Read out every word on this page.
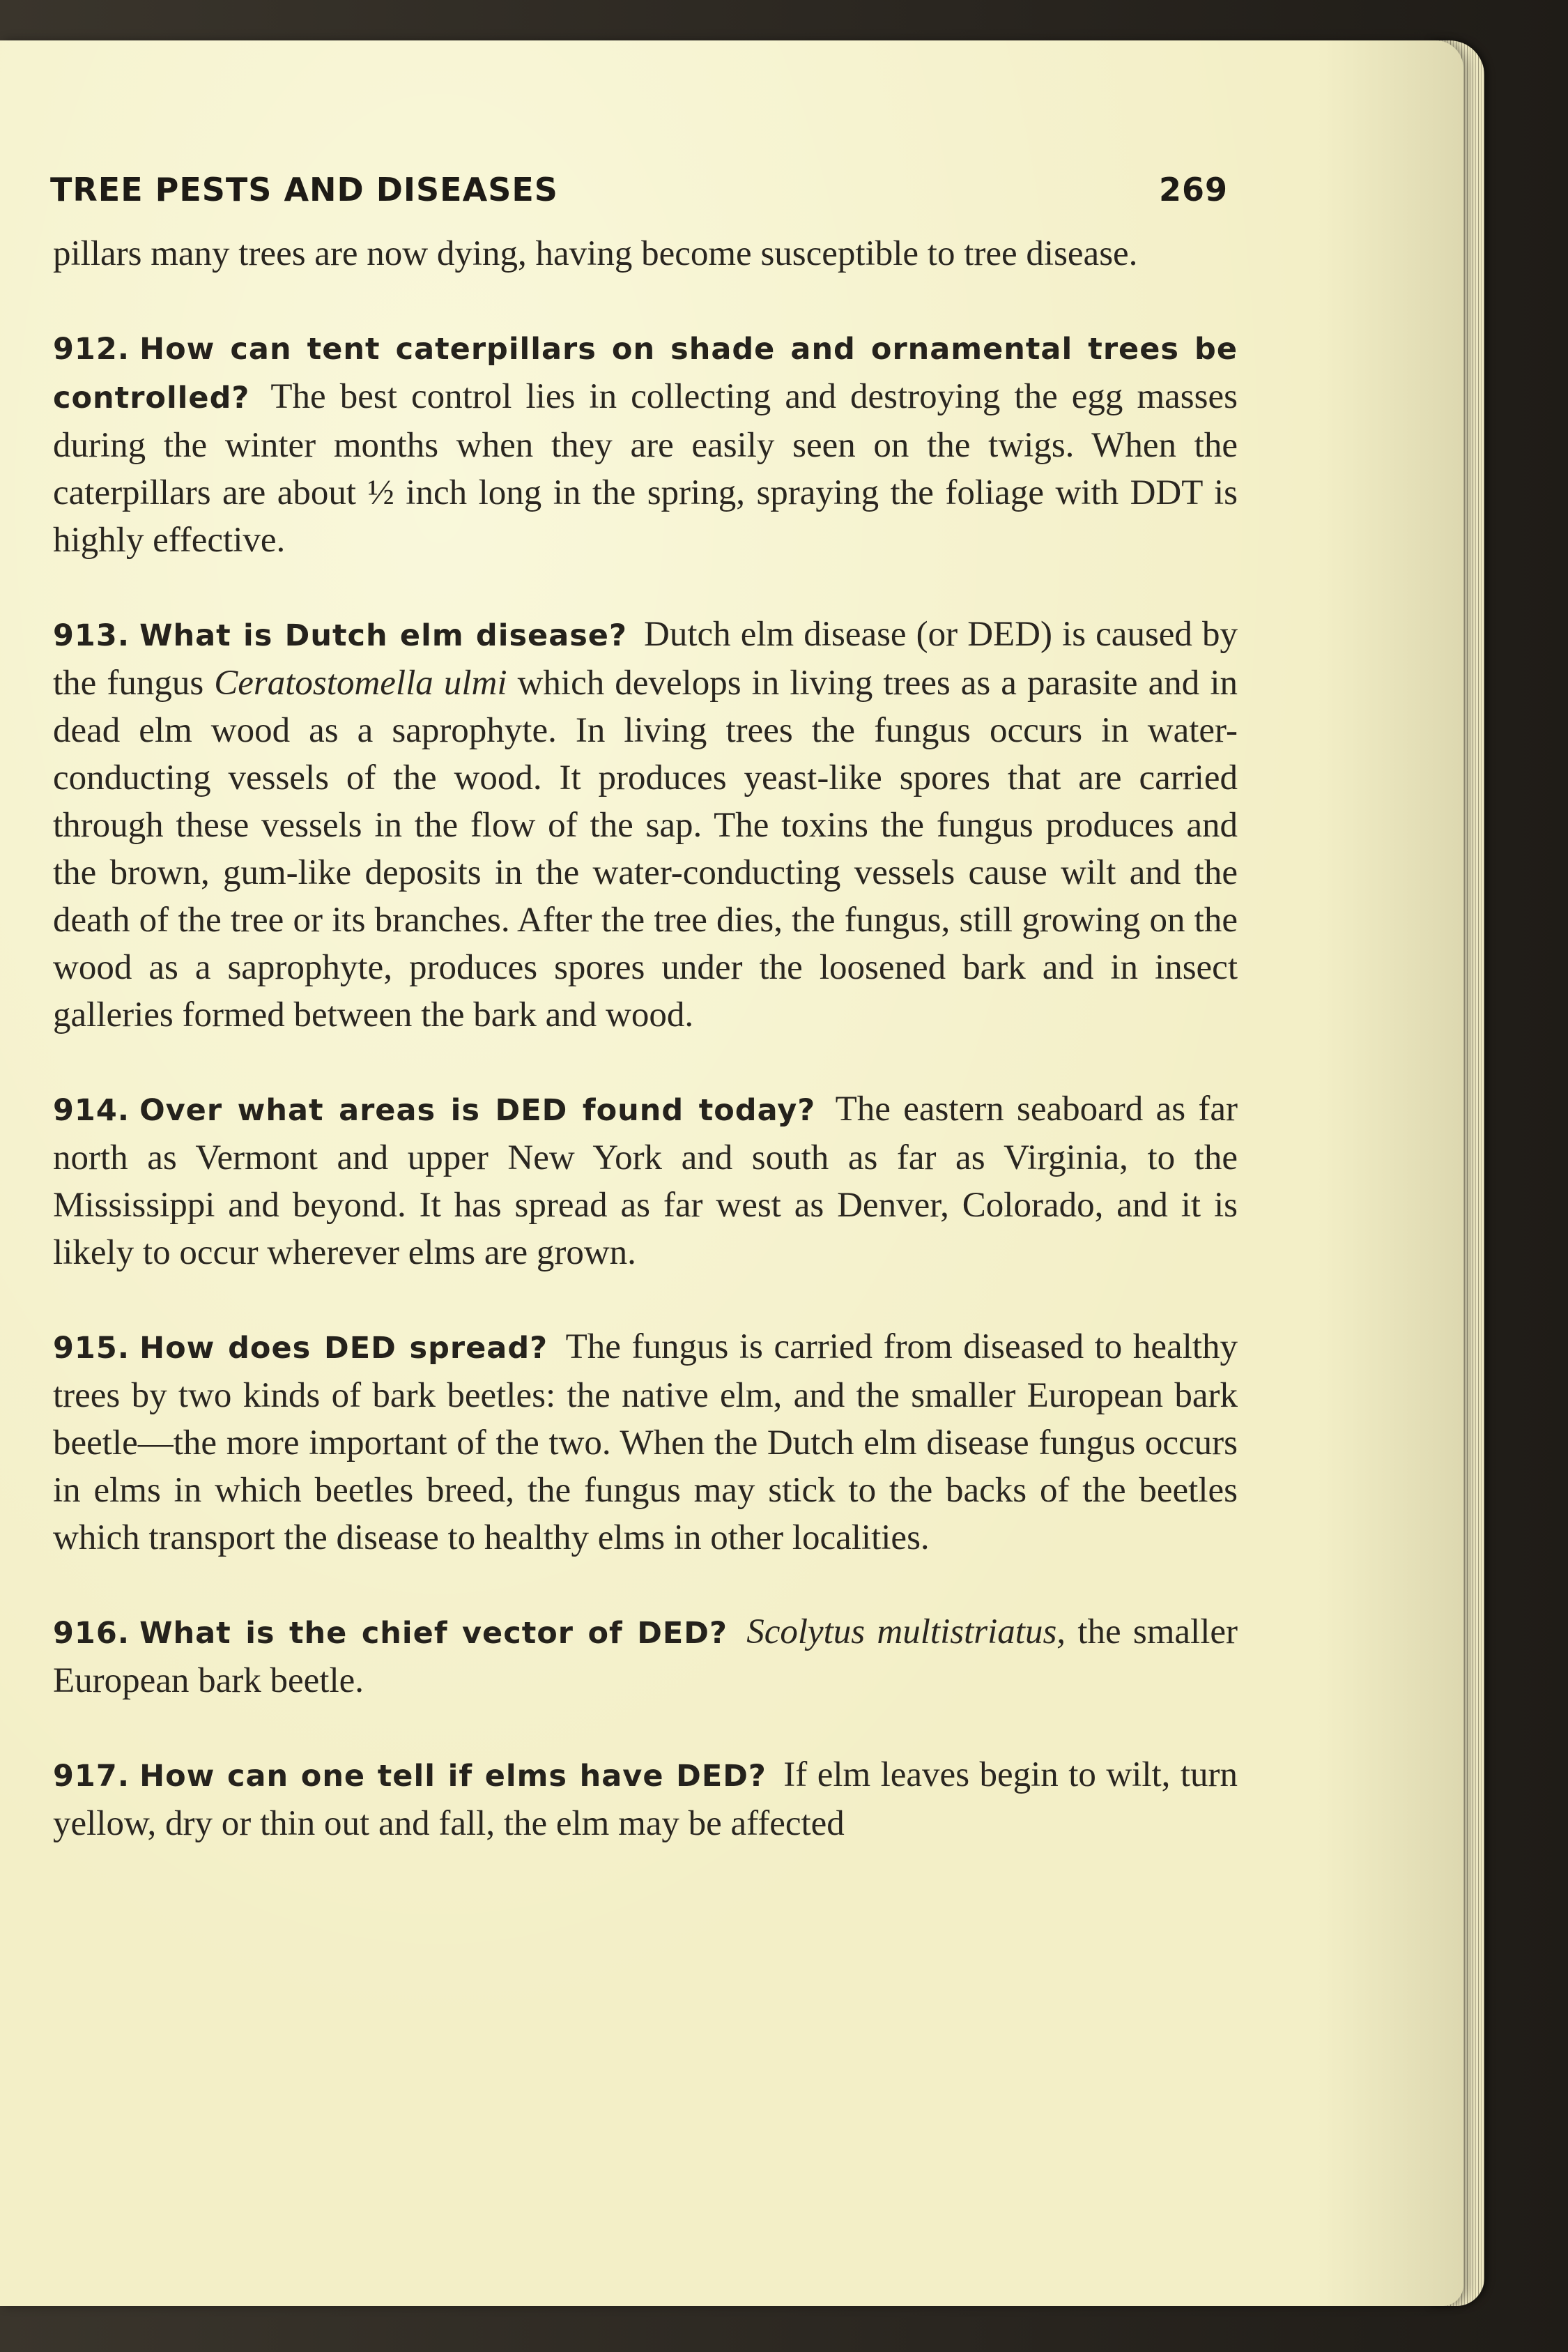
TREE PESTS AND DISEASES	269

pillars many trees are now dying, having become susceptible to tree disease.

912. How can tent caterpillars on shade and ornamental trees be controlled? The best control lies in collecting and destroying the egg masses during the winter months when they are easily seen on the twigs. When the caterpillars are about ½ inch long in the spring, spraying the foliage with DDT is highly effective.

913. What is Dutch elm disease? Dutch elm disease (or DED) is caused by the fungus Ceratostomella ulmi which develops in living trees as a parasite and in dead elm wood as a saprophyte. In living trees the fungus occurs in water-conducting vessels of the wood. It produces yeast-like spores that are carried through these vessels in the flow of the sap. The toxins the fungus produces and the brown, gum-like deposits in the water-conducting vessels cause wilt and the death of the tree or its branches. After the tree dies, the fungus, still growing on the wood as a saprophyte, produces spores under the loosened bark and in insect galleries formed between the bark and wood.

914. Over what areas is DED found today? The eastern seaboard as far north as Vermont and upper New York and south as far as Virginia, to the Mississippi and beyond. It has spread as far west as Denver, Colorado, and it is likely to occur wherever elms are grown.

915. How does DED spread? The fungus is carried from diseased to healthy trees by two kinds of bark beetles: the native elm, and the smaller European bark beetle—the more important of the two. When the Dutch elm disease fungus occurs in elms in which beetles breed, the fungus may stick to the backs of the beetles which transport the disease to healthy elms in other localities.

916. What is the chief vector of DED? Scolytus multistriatus, the smaller European bark beetle.

917. How can one tell if elms have DED? If elm leaves begin to wilt, turn yellow, dry or thin out and fall, the elm may be affected
